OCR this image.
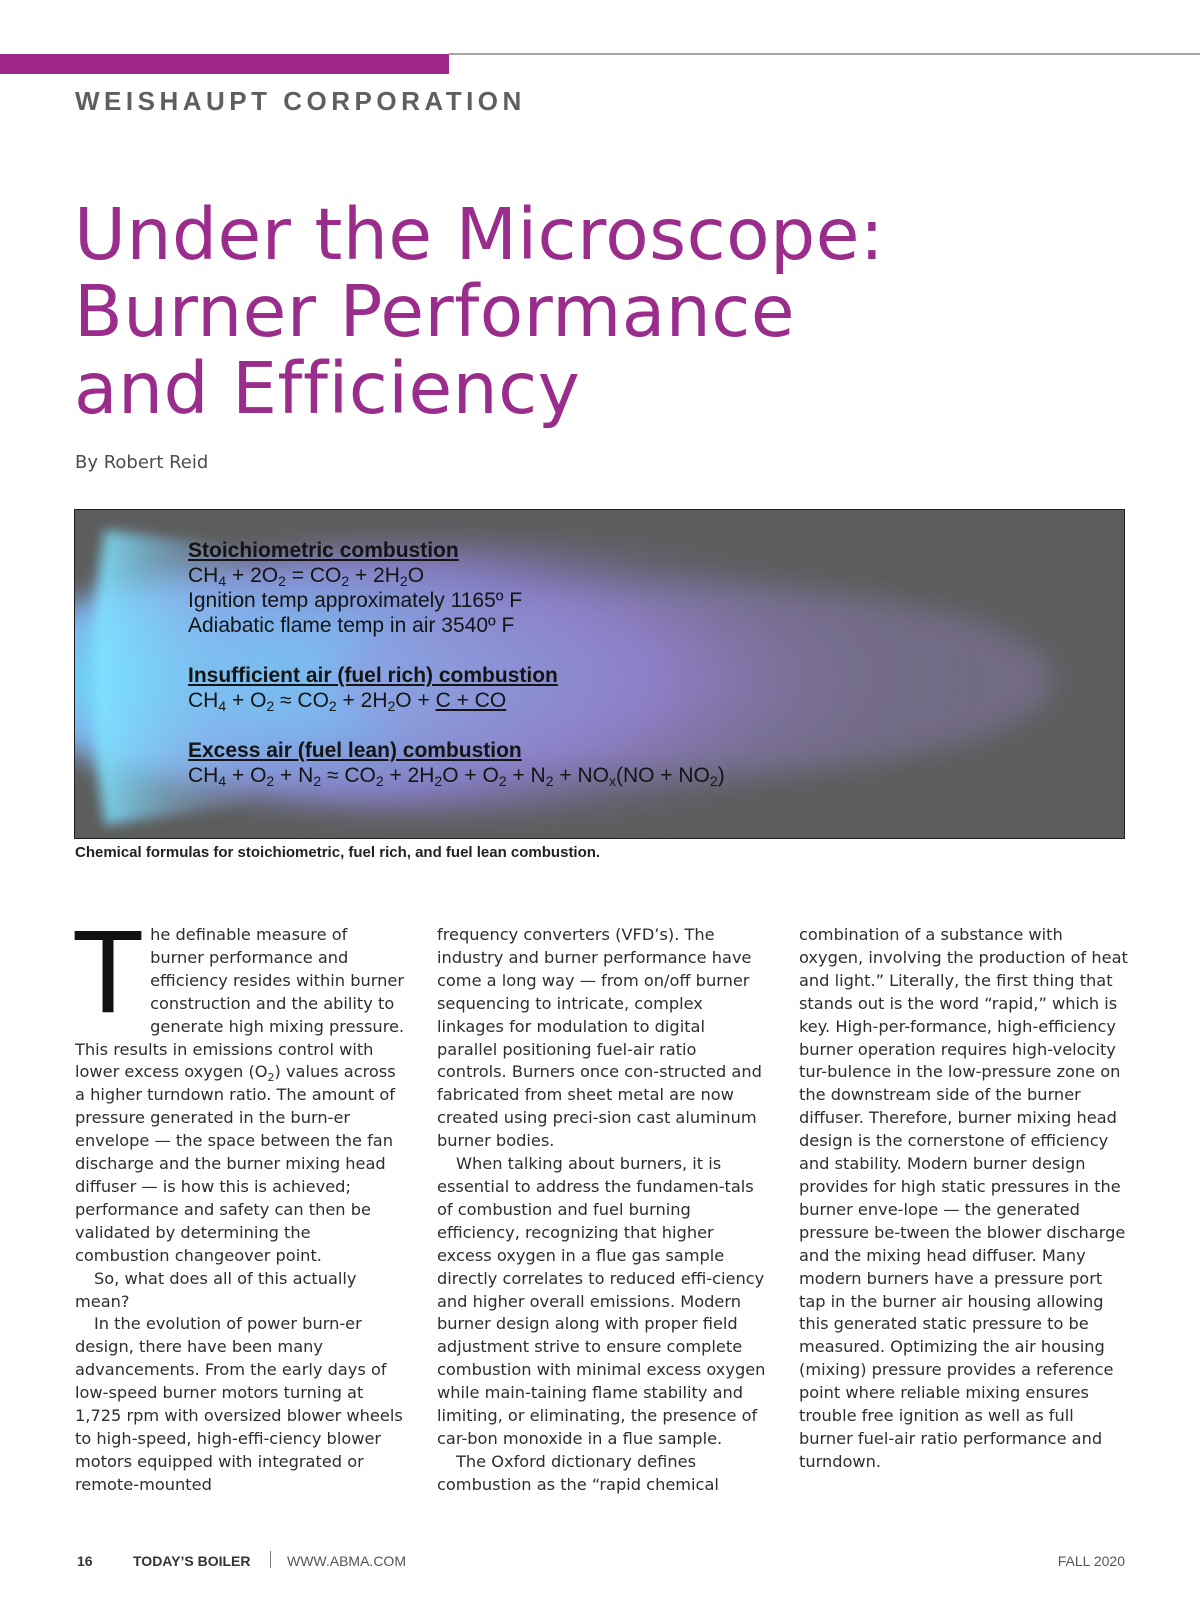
WEISHAUPT CORPORATION
Under the Microscope:
Burner Performance
and Efficiency
By Robert Reid
Stoichiometric combustion
$CH_4 + 2O_2 = CO_2 + 2H_2O$
Ignition temp approximately 1165º F
Adiabatic flame temp in air 3540º F
Insufficient air (fuel rich) combustion
$CH_4 + O_2 \approx CO_2 + 2H_2O + C$ + CO
Excess air (fuel lean) combustion
$CH_4 + O_2 + N_2 \approx CO_2 + 2H_2O + O_2 + N_2 + NO_x(NO + NO_2)$

Chemical formulas for stoichiometric, fuel rich, and fuel lean combustion.

T he definable measure of burner performance and efficiency resides within burner construction and the ability to generate high mixing pressure. This results in emissions control with lower excess oxygen $(O_2)$ values across a higher turndown ratio. The amount of pressure generated in the burn-er envelope — the space between the fan discharge and the burner mixing head diffuser — is how this is achieved; performance and safety can then be validated by determining the combustion changeover point.

So, what does all of this actually mean?

In the evolution of power burn-er design, there have been many advancements. From the early days of low-speed burner motors turning at 1,725 rpm with oversized blower wheels to high-speed, high-effi-ciency blower motors equipped with integrated or remote-mounted

frequency converters (VFD’s). The industry and burner performance have come a long way — from on/off burner sequencing to intricate, complex linkages for modulation to digital parallel positioning fuel-air ratio controls. Burners once con-structed and fabricated from sheet metal are now created using preci-sion cast aluminum burner bodies.

When talking about burners, it is essential to address the fundamen-tals of combustion and fuel burning efficiency, recognizing that higher excess oxygen in a flue gas sample directly correlates to reduced effi-ciency and higher overall emissions. Modern burner design along with proper field adjustment strive to ensure complete combustion with minimal excess oxygen while main-taining flame stability and limiting, or eliminating, the presence of car-bon monoxide in a flue sample.

The Oxford dictionary defines combustion as the “rapid chemical

combination of a substance with oxygen, involving the production of heat and light.” Literally, the first thing that stands out is the word “rapid,” which is key. High-per-formance, high-efficiency burner operation requires high-velocity tur-bulence in the low-pressure zone on the downstream side of the burner diffuser. Therefore, burner mixing head design is the cornerstone of efficiency and stability. Modern burner design provides for high static pressures in the burner enve-lope — the generated pressure be-tween the blower discharge and the mixing head diffuser. Many modern burners have a pressure port tap in the burner air housing allowing this generated static pressure to be measured. Optimizing the air housing (mixing) pressure provides a reference point where reliable mixing ensures trouble free ignition as well as full burner fuel-air ratio performance and turndown.

16	TODAY’S BOILER	WWW.ABMA.COM	FALL 2020
